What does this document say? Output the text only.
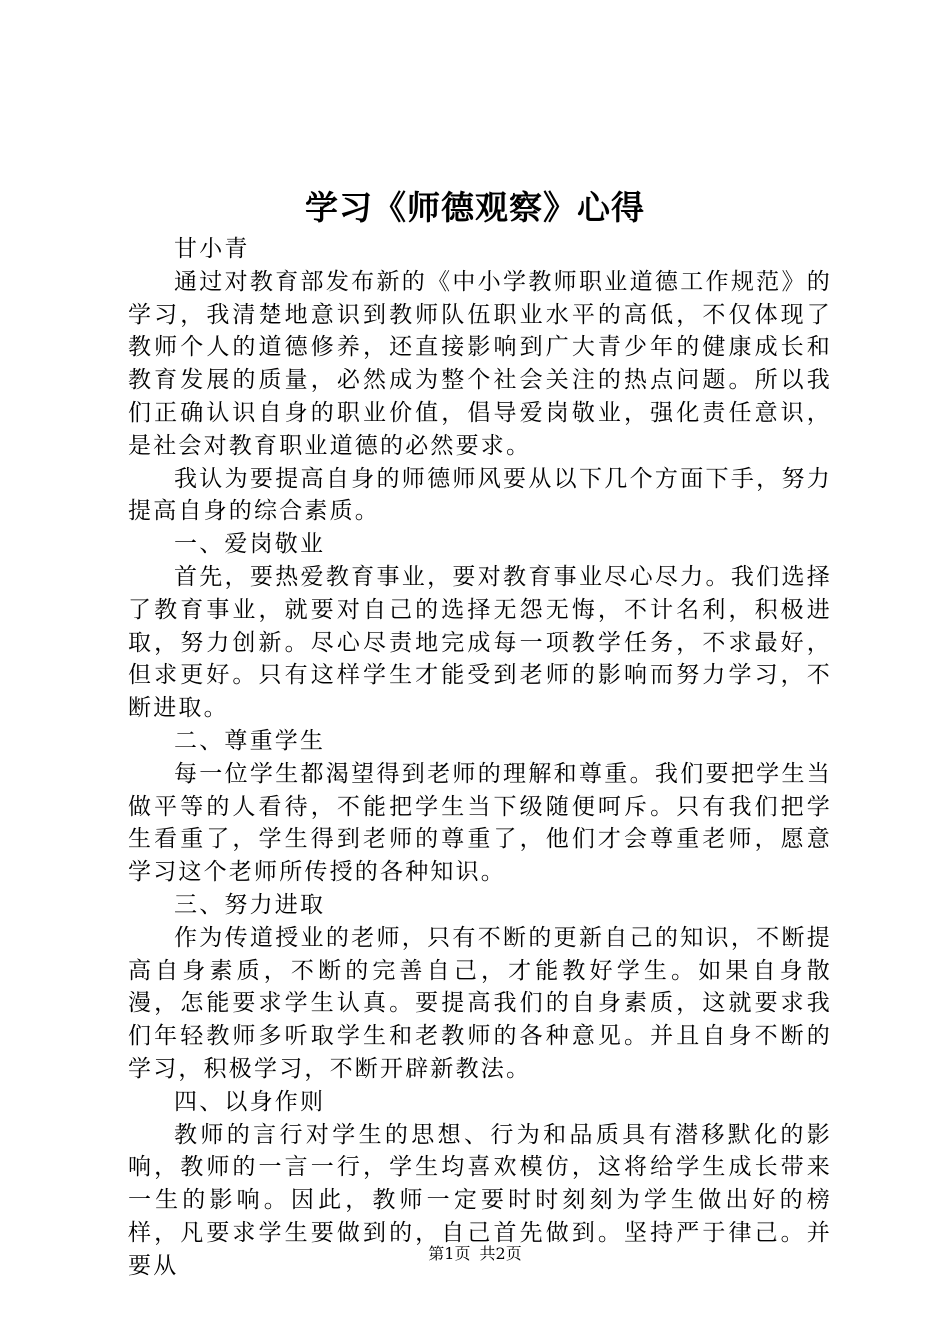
学习《师德观察》心得

甘小青

通过对教育部发布新的《中小学教师职业道德工作规范》的学习，我清楚地意识到教师队伍职业水平的高低，不仅体现了教师个人的道德修养，还直接影响到广大青少年的健康成长和教育发展的质量，必然成为整个社会关注的热点问题。所以我们正确认识自身的职业价值，倡导爱岗敬业，强化责任意识，是社会对教育职业道德的必然要求。

我认为要提高自身的师德师风要从以下几个方面下手，努力提高自身的综合素质。

一、爱岗敬业

首先，要热爱教育事业，要对教育事业尽心尽力。我们选择了教育事业，就要对自己的选择无怨无悔，不计名利，积极进取，努力创新。尽心尽责地完成每一项教学任务，不求最好，但求更好。只有这样学生才能受到老师的影响而努力学习，不断进取。

二、尊重学生

每一位学生都渴望得到老师的理解和尊重。我们要把学生当做平等的人看待，不能把学生当下级随便呵斥。只有我们把学生看重了，学生得到老师的尊重了，他们才会尊重老师，愿意学习这个老师所传授的各种知识。

三、努力进取

作为传道授业的老师，只有不断的更新自己的知识，不断提高自身素质，不断的完善自己，才能教好学生。如果自身散漫，怎能要求学生认真。要提高我们的自身素质，这就要求我们年轻教师多听取学生和老教师的各种意见。并且自身不断的学习，积极学习，不断开辟新教法。

四、以身作则

教师的言行对学生的思想、行为和品质具有潜移默化的影响，教师的一言一行，学生均喜欢模仿，这将给学生成长带来一生的影响。因此，教师一定要时时刻刻为学生做出好的榜样，凡要求学生要做到的，自己首先做到。坚持严于律己。并要从	第1页 共2页
